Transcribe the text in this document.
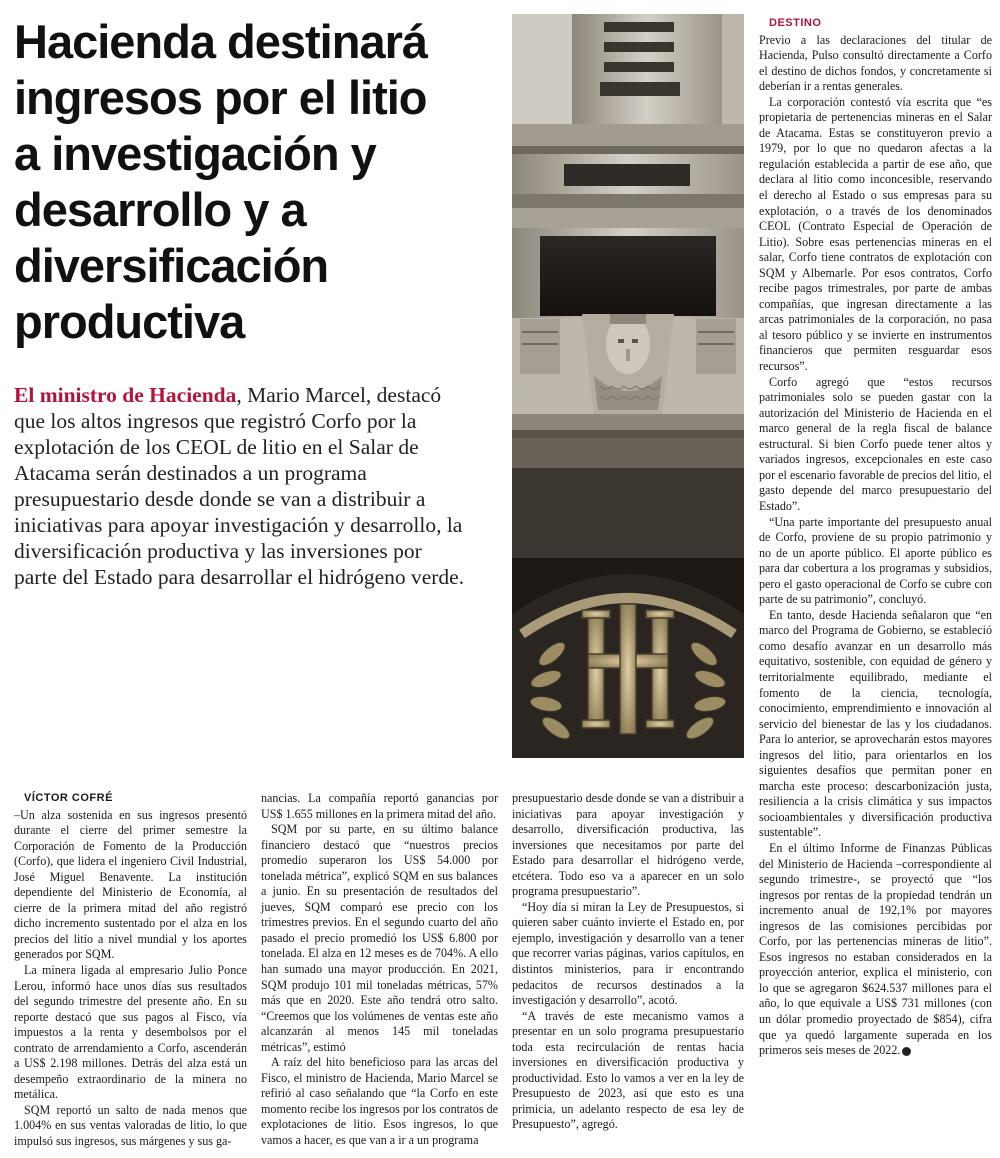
Hacienda destinará
ingresos por el litio
a investigación y
desarrollo y a
diversificación
productiva
El ministro de Hacienda, Mario Marcel, destacó
que los altos ingresos que registró Corfo por la
explotación de los CEOL de litio en el Salar de
Atacama serán destinados a un programa
presupuestario desde donde se van a distribuir a
iniciativas para apoyar investigación y desarrollo, la
diversificación productiva y las inversiones por
parte del Estado para desarrollar el hidrógeno verde.

VÍCTOR COFRÉ

–Un alza sostenida en sus ingresos presentó durante el cierre del primer semestre la Corporación de Fomento de la Producción (Corfo), que lidera el ingeniero Civil Industrial, José Miguel Benavente. La institución dependiente del Ministerio de Economía, al cierre de la primera mitad del año registró dicho incremento sustentado por el alza en los precios del litio a nivel mundial y los aportes generados por SQM.

La minera ligada al empresario Julio Ponce Lerou, informó hace unos días sus resultados del segundo trimestre del presente año. En su reporte destacó que sus pagos al Fisco, vía impuestos a la renta y desembolsos por el contrato de arrendamiento a Corfo, ascenderán a US$ 2.198 millones. Detrás del alza está un desempeño extraordinario de la minera no metálica.

SQM reportó un salto de nada menos que 1.004% en sus ventas valoradas de litio, lo que impulsó sus ingresos, sus márgenes y sus ga-

nancias. La compañía reportó ganancias por US$ 1.655 millones en la primera mitad del año.

SQM por su parte, en su último balance financiero destacó que “nuestros precios promedio superaron los US$ 54.000 por tonelada métrica”, explicó SQM en sus balances a junio. En su presentación de resultados del jueves, SQM comparó ese precio con los trimestres previos. En el segundo cuarto del año pasado el precio promedió los US$ 6.800 por tonelada. El alza en 12 meses es de 704%. A ello han sumado una mayor producción. En 2021, SQM produjo 101 mil toneladas métricas, 57% más que en 2020. Este año tendrá otro salto. “Creemos que los volúmenes de ventas este año alcanzarán al menos 145 mil toneladas métricas”, estimó

A raíz del hito beneficioso para las arcas del Fisco, el ministro de Hacienda, Mario Marcel se refirió al caso señalando que “la Corfo en este momento recibe los ingresos por los contratos de explotaciones de litio. Esos ingresos, lo que vamos a hacer, es que van a ir a un programa

presupuestario desde donde se van a distribuir a iniciativas para apoyar investigación y desarrollo, diversificación productiva, las inversiones que necesitamos por parte del Estado para desarrollar el hidrógeno verde, etcétera. Todo eso va a aparecer en un solo programa presupuestario”.

“Hoy día si miran la Ley de Presupuestos, si quieren saber cuánto invierte el Estado en, por ejemplo, investigación y desarrollo van a tener que recorrer varias páginas, varios capítulos, en distintos ministerios, para ir encontrando pedacitos de recursos destinados a la investigación y desarrollo”, acotó.

“A través de este mecanismo vamos a presentar en un solo programa presupuestario toda esta recirculación de rentas hacia inversiones en diversificación productiva y productividad. Esto lo vamos a ver en la ley de Presupuesto de 2023, así que esto es una primicia, un adelanto respecto de esa ley de Presupuesto”, agregó.

DESTINO

Previo a las declaraciones del titular de Hacienda, Pulso consultó directamente a Corfo el destino de dichos fondos, y concretamente si deberían ir a rentas generales.

La corporación contestó vía escrita que “es propietaria de pertenencias mineras en el Salar de Atacama. Estas se constituyeron previo a 1979, por lo que no quedaron afectas a la regulación establecida a partir de ese año, que declara al litio como inconcesible, reservando el derecho al Estado o sus empresas para su explotación, o a través de los denominados CEOL (Contrato Especial de Operación de Litio). Sobre esas pertenencias mineras en el salar, Corfo tiene contratos de explotación con SQM y Albemarle. Por esos contratos, Corfo recibe pagos trimestrales, por parte de ambas compañías, que ingresan directamente a las arcas patrimoniales de la corporación, no pasa al tesoro público y se invierte en instrumentos financieros que permiten resguardar esos recursos”.

Corfo agregó que “estos recursos patrimoniales solo se pueden gastar con la autorización del Ministerio de Hacienda en el marco general de la regla fiscal de balance estructural. Si bien Corfo puede tener altos y variados ingresos, excepcionales en este caso por el escenario favorable de precios del litio, el gasto depende del marco presupuestario del Estado”.

“Una parte importante del presupuesto anual de Corfo, proviene de su propio patrimonio y no de un aporte público. El aporte público es para dar cobertura a los programas y subsidios, pero el gasto operacional de Corfo se cubre con parte de su patrimonio”, concluyó.

En tanto, desde Hacienda señalaron que “en marco del Programa de Gobierno, se estableció como desafío avanzar en un desarrollo más equitativo, sostenible, con equidad de género y territorialmente equilibrado, mediante el fomento de la ciencia, tecnología, conocimiento, emprendimiento e innovación al servicio del bienestar de las y los ciudadanos. Para lo anterior, se aprovecharán estos mayores ingresos del litio, para orientarlos en los siguientes desafíos que permitan poner en marcha este proceso: descarbonización justa, resiliencia a la crisis climática y sus impactos socioambientales y diversificación productiva sustentable”.

En el último Informe de Finanzas Públicas del Ministerio de Hacienda –correspondiente al segundo trimestre-, se proyectó que “los ingresos por rentas de la propiedad tendrán un incremento anual de 192,1% por mayores ingresos de las comisiones percibidas por Corfo, por las pertenencias mineras de litio”. Esos ingresos no estaban considerados en la proyección anterior, explica el ministerio, con lo que se agregaron $624.537 millones para el año, lo que equivale a US$ 731 millones (con un dólar promedio proyectado de $854), cifra que ya quedó largamente superada en los primeros seis meses de 2022.
